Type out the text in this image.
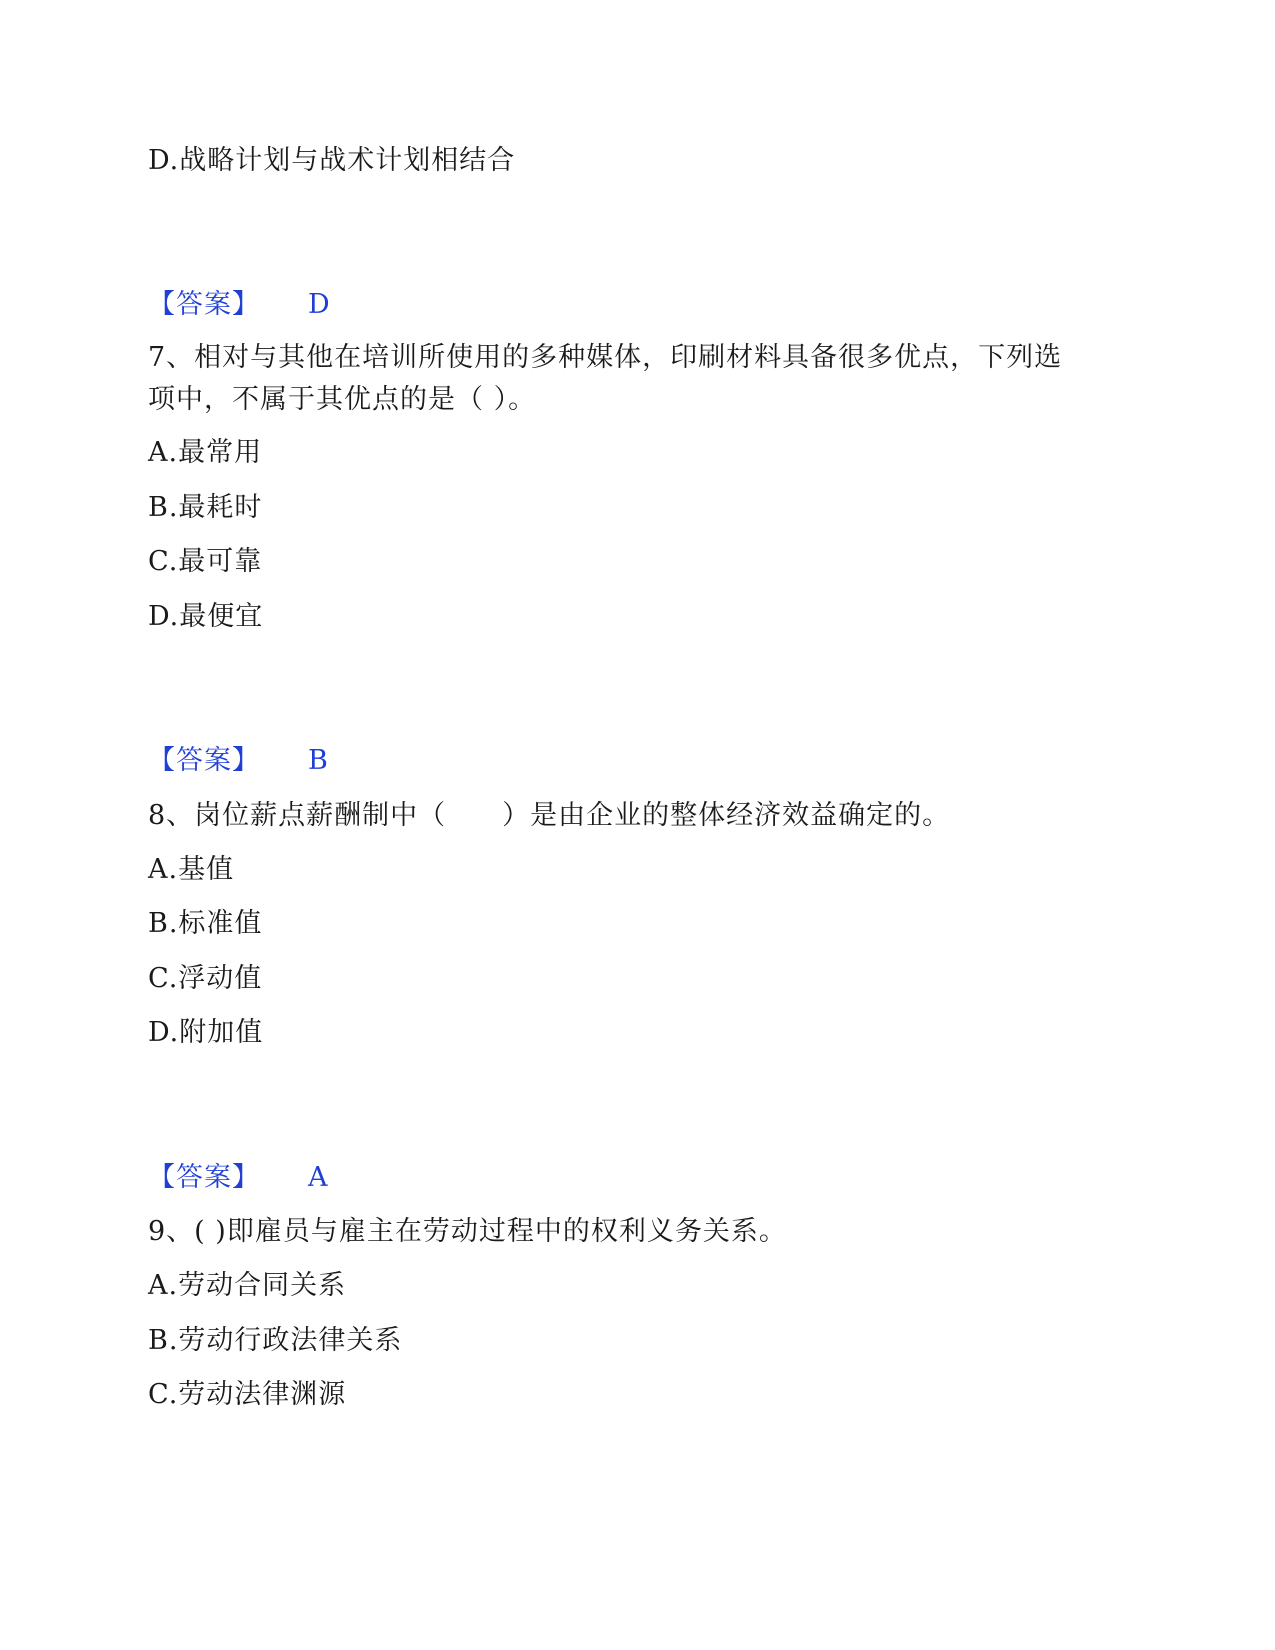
D.战略计划与战术计划相结合
【答案】 D
7、相对与其他在培训所使用的多种媒体，印刷材料具备很多优点，下列选
项中，不属于其优点的是（ ）。
A.最常用
B.最耗时
C.最可靠
D.最便宜
【答案】 B
8、岗位薪点薪酬制中（　　）是由企业的整体经济效益确定的。
A.基值
B.标准值
C.浮动值
D.附加值
【答案】 A
9、( )即雇员与雇主在劳动过程中的权利义务关系。
A.劳动合同关系
B.劳动行政法律关系
C.劳动法律渊源
